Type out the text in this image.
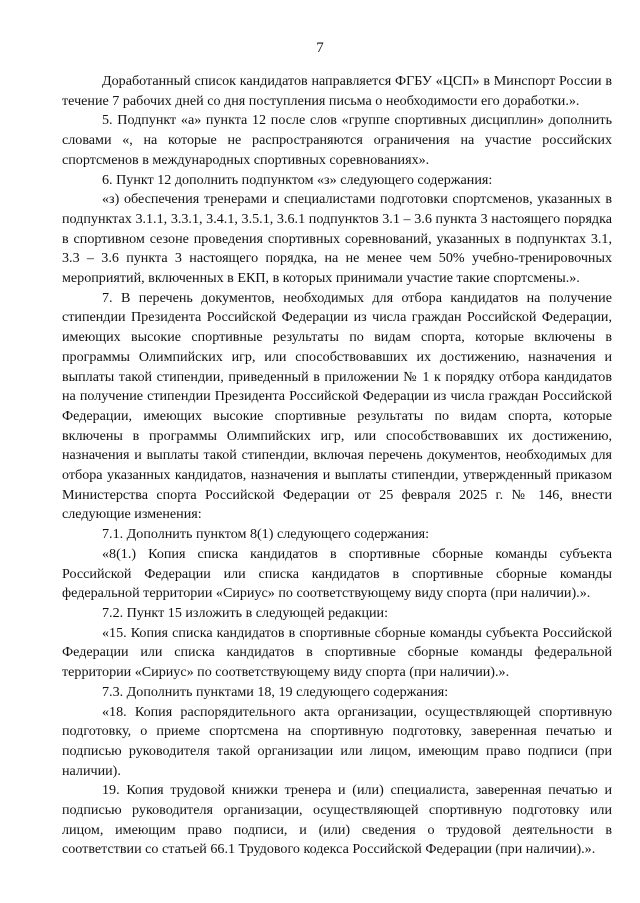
7

Доработанный список кандидатов направляется ФГБУ «ЦСП» в Минспорт России в течение 7 рабочих дней со дня поступления письма о необходимости его доработки.».

5. Подпункт «а» пункта 12 после слов «группе спортивных дисциплин» дополнить словами «, на которые не распространяются ограничения на участие российских спортсменов в международных спортивных соревнованиях».

6. Пункт 12 дополнить подпунктом «з» следующего содержания:

«з) обеспечения тренерами и специалистами подготовки спортсменов, указанных в подпунктах 3.1.1, 3.3.1, 3.4.1, 3.5.1, 3.6.1 подпунктов 3.1 – 3.6 пункта 3 настоящего порядка в спортивном сезоне проведения спортивных соревнований, указанных в подпунктах 3.1, 3.3 – 3.6 пункта 3 настоящего порядка, на не менее чем 50% учебно-тренировочных мероприятий, включенных в ЕКП, в которых принимали участие такие спортсмены.».

7. В перечень документов, необходимых для отбора кандидатов на получение стипендии Президента Российской Федерации из числа граждан Российской Федерации, имеющих высокие спортивные результаты по видам спорта, которые включены в программы Олимпийских игр, или способствовавших их достижению, назначения и выплаты такой стипендии, приведенный в приложении № 1 к порядку отбора кандидатов на получение стипендии Президента Российской Федерации из числа граждан Российской Федерации, имеющих высокие спортивные результаты по видам спорта, которые включены в программы Олимпийских игр, или способствовавших их достижению, назначения и выплаты такой стипендии, включая перечень документов, необходимых для отбора указанных кандидатов, назначения и выплаты стипендии, утвержденный приказом Министерства спорта Российской Федерации от 25 февраля 2025 г. № 146, внести следующие изменения:

7.1. Дополнить пунктом 8(1) следующего содержания:

«8(1.) Копия списка кандидатов в спортивные сборные команды субъекта Российской Федерации или списка кандидатов в спортивные сборные команды федеральной территории «Сириус» по соответствующему виду спорта (при наличии).».

7.2. Пункт 15 изложить в следующей редакции:

«15. Копия списка кандидатов в спортивные сборные команды субъекта Российской Федерации или списка кандидатов в спортивные сборные команды федеральной территории «Сириус» по соответствующему виду спорта (при наличии).».

7.3. Дополнить пунктами 18, 19 следующего содержания:

«18. Копия распорядительного акта организации, осуществляющей спортивную подготовку, о приеме спортсмена на спортивную подготовку, заверенная печатью и подписью руководителя такой организации или лицом, имеющим право подписи (при наличии).

19. Копия трудовой книжки тренера и (или) специалиста, заверенная печатью и подписью руководителя организации, осуществляющей спортивную подготовку или лицом, имеющим право подписи, и (или) сведения о трудовой деятельности в соответствии со статьей 66.1 Трудового кодекса Российской Федерации (при наличии).».
